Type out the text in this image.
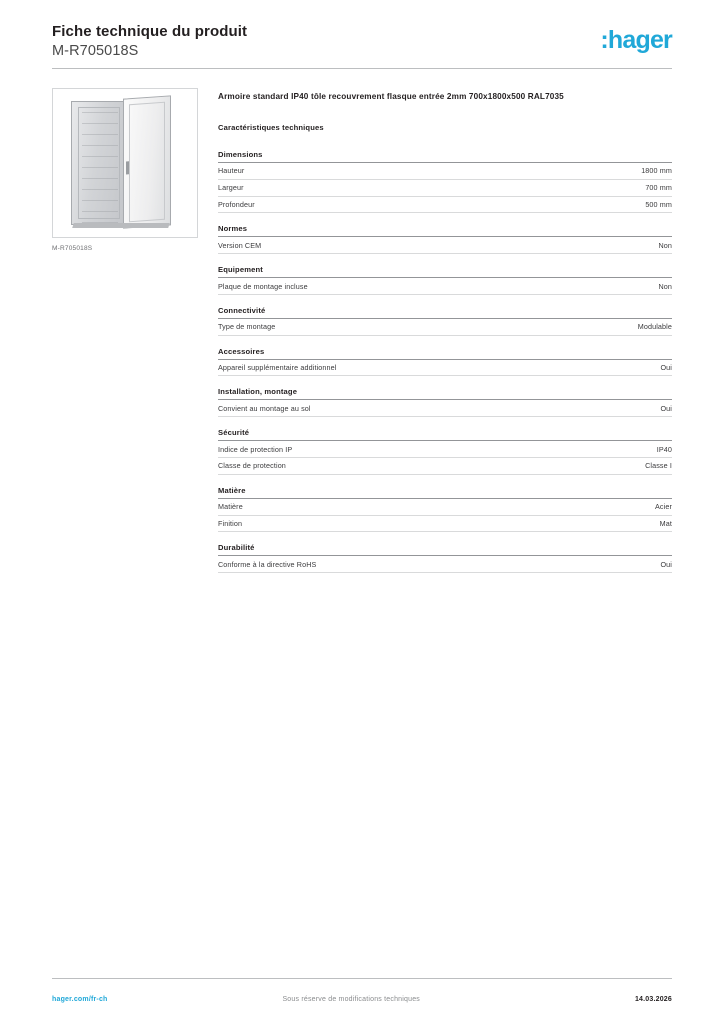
Fiche technique du produit
M-R705018S	:hager
M-R705018S
Armoire standard IP40 tôle recouvrement flasque entrée 2mm 700x1800x500 RAL7035
Caractéristiques techniques
Dimensions
Hauteur	1800 mm
Largeur	700 mm
Profondeur	500 mm
Normes
Version CEM	Non
Equipement
Plaque de montage incluse	Non
Connectivité
Type de montage	Modulable
Accessoires
Appareil supplémentaire additionnel	Oui
Installation, montage
Convient au montage au sol	Oui
Sécurité
Indice de protection IP	IP40
Classe de protection	Classe I
Matière
Matière	Acier
Finition	Mat
Durabilité
Conforme à la directive RoHS	Oui
hager.com/fr-ch	Sous réserve de modifications techniques	14.03.2026
